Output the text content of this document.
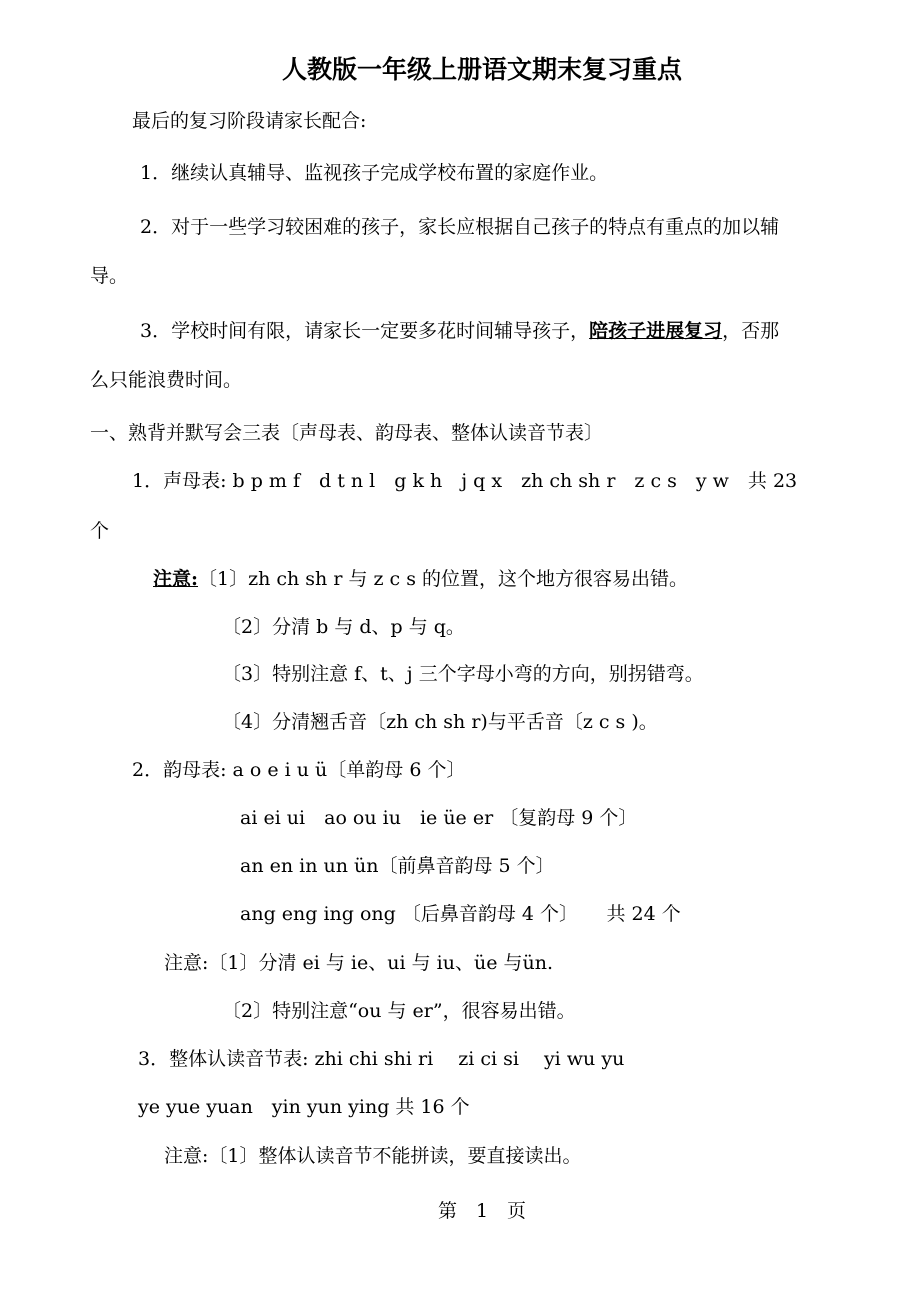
人教版一年级上册语文期末复习重点
最后的复习阶段请家长配合:
1．继续认真辅导、监视孩子完成学校布置的家庭作业。
2．对于一些学习较困难的孩子，家长应根据自己孩子的特点有重点的加以辅
导。
3．学校时间有限，请家长一定要多花时间辅导孩子，陪孩子进展复习，否那
么只能浪费时间。
一、熟背并默写会三表〔声母表、韵母表、整体认读音节表〕
1．声母表: b p m f　d t n l　g k h　j q x　zh ch sh r　z c s　y w　共 23
个
注意:〔1〕zh ch sh r 与 z c s 的位置，这个地方很容易出错。
〔2〕分清 b 与 d、p 与 q。
〔3〕特别注意 f、t、j 三个字母小弯的方向，别拐错弯。
〔4〕分清翘舌音〔zh ch sh r)与平舌音〔z c s )。
2．韵母表: a o e i u ü〔单韵母 6 个〕
ai ei ui　ao ou iu　ie üe er 〔复韵母 9 个〕
an en in un ün〔前鼻音韵母 5 个〕
ang eng ing ong 〔后鼻音韵母 4 个〕　　共 24 个
注意:〔1〕分清 ei 与 ie、ui 与 iu、üe 与ün.
〔2〕特别注意“ou 与 er”，很容易出错。
3．整体认读音节表: zhi chi shi ri　 zi ci si　 yi wu yu
ye yue yuan　yin yun ying 共 16 个
注意:〔1〕整体认读音节不能拼读，要直接读出。
第　1　页
